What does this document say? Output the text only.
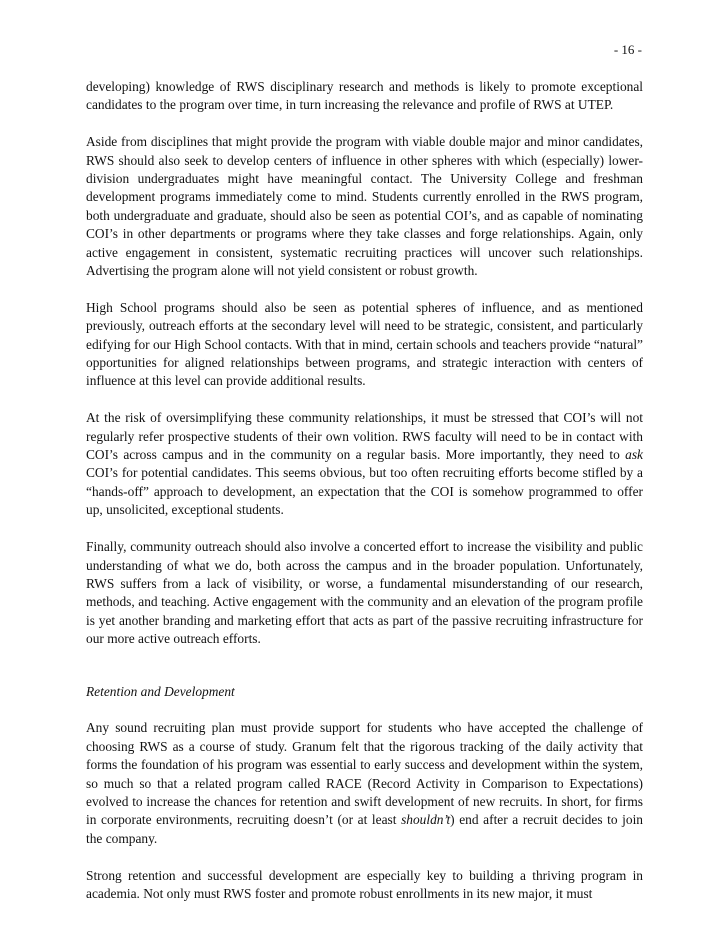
- 16 -

developing) knowledge of RWS disciplinary research and methods is likely to promote exceptional candidates to the program over time, in turn increasing the relevance and profile of RWS at UTEP.

Aside from disciplines that might provide the program with viable double major and minor candidates, RWS should also seek to develop centers of influence in other spheres with which (especially) lower-division undergraduates might have meaningful contact. The University College and freshman development programs immediately come to mind. Students currently enrolled in the RWS program, both undergraduate and graduate, should also be seen as potential COI’s, and as capable of nominating COI’s in other departments or programs where they take classes and forge relationships. Again, only active engagement in consistent, systematic recruiting practices will uncover such relationships. Advertising the program alone will not yield consistent or robust growth.

High School programs should also be seen as potential spheres of influence, and as mentioned previously, outreach efforts at the secondary level will need to be strategic, consistent, and particularly edifying for our High School contacts. With that in mind, certain schools and teachers provide “natural” opportunities for aligned relationships between programs, and strategic interaction with centers of influence at this level can provide additional results.

At the risk of oversimplifying these community relationships, it must be stressed that COI’s will not regularly refer prospective students of their own volition. RWS faculty will need to be in contact with COI’s across campus and in the community on a regular basis. More importantly, they need to ask COI’s for potential candidates. This seems obvious, but too often recruiting efforts become stifled by a “hands-off” approach to development, an expectation that the COI is somehow programmed to offer up, unsolicited, exceptional students.

Finally, community outreach should also involve a concerted effort to increase the visibility and public understanding of what we do, both across the campus and in the broader population. Unfortunately, RWS suffers from a lack of visibility, or worse, a fundamental misunderstanding of our research, methods, and teaching. Active engagement with the community and an elevation of the program profile is yet another branding and marketing effort that acts as part of the passive recruiting infrastructure for our more active outreach efforts.

Retention and Development

Any sound recruiting plan must provide support for students who have accepted the challenge of choosing RWS as a course of study. Granum felt that the rigorous tracking of the daily activity that forms the foundation of his program was essential to early success and development within the system, so much so that a related program called RACE (Record Activity in Comparison to Expectations) evolved to increase the chances for retention and swift development of new recruits. In short, for firms in corporate environments, recruiting doesn’t (or at least shouldn’t) end after a recruit decides to join the company.

Strong retention and successful development are especially key to building a thriving program in academia. Not only must RWS foster and promote robust enrollments in its new major, it must
